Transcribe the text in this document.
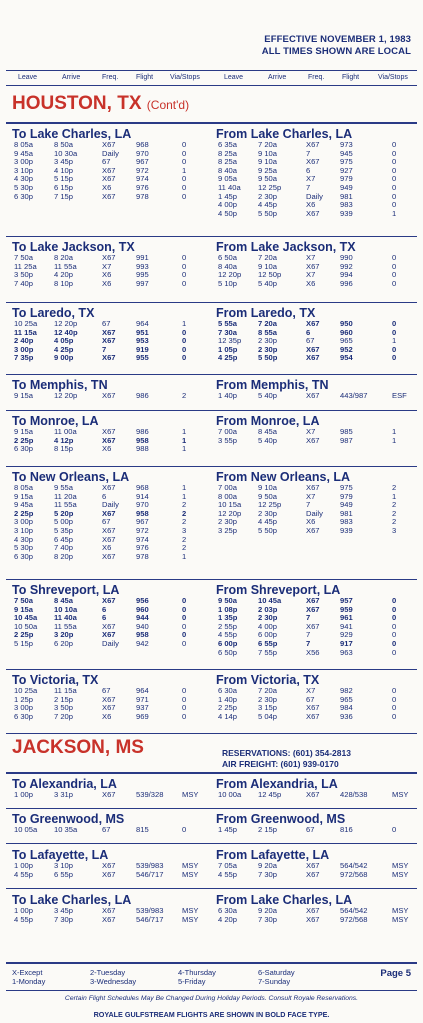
EFFECTIVE NOVEMBER 1, 1983
ALL TIMES SHOWN ARE LOCAL
Leave	Arrive	Freq.	Flight Via/Stops	Leave	Arrive	Freq.	Flight	Via/Stops
HOUSTON, TX (Cont'd)
JACKSON, MS	RESERVATIONS: (601) 354-2813
AIR FREIGHT: (601) 939-0170
To Lake Charles, LA
8 05a	8 50a	X67	968	0
9 45a	10 30a	Daily 970	0
3 00p	3 45p	67	967	0
3 10p	4 10p	X67	972	1
4 30p	5 15p	X67	974	0
5 30p	6 15p	X6	976	0
6 30p	7 15p	X67	978	0
From Lake Charles, LA
6 35a	7 20a	X67	973	0
8 25a	9 10a	7	945	0
8 25a	9 10a	X67	975	0
8 40a	9 25a	6	927	0
9 05a	9 50a	X7	979	0
11 40a 12 25p	7	949	0
1 45p	2 30p	Daily 981	0
4 00p	4 45p	X6	983	0
4 50p	5 50p	X67	939	1
To Lake Jackson, TX
7 50a	8 20a	X67	991	0
11 25a 11 55a	X7	993	0
3 50p	4 20p	X6	995	0
7 40p	8 10p	X6	997	0
From Lake Jackson, TX
6 50a	7 20a	X7	990	0
8 40a	9 10a	X67	992	0
12 20p 12 50p	X7	994	0
5 10p	5 40p	X6	996	0
To Laredo, TX
10 25a 12 20p	67	964	1
11 15a 12 40p	X67	951	0
2 40p	4 05p	X67	953	0
3 00p	4 25p	7	919	0
7 35p	9 00p	X67	955	0
From Laredo, TX
5 55a	7 20a	X67	950	0
7 30a	8 55a	6	960	0
12 35p 2 30p	67	965	1
1 05p	2 30p	X67	952	0
4 25p	5 50p	X67	954	0
To Memphis, TN
9 15a	12 20p	X67	986	2
From Memphis, TN
1 40p	5 40p	X67	443/987	ESF
To Monroe, LA
9 15a	11 00a	X67	986	1
2 25p	4 12p	X67	958	1
6 30p	8 15p	X6	988	1
From Monroe, LA
7 00a	8 45a	X7	985	1
3 55p	5 40p	X67	987	1
To New Orleans, LA
8 05a	9 55a	X67	968	1
9 15a	11 20a	6	914	1
9 45a	11 55a	Daily 970	2
2 25p	5 20p	X67	958	2
3 00p	5 00p	67	967	2
3 10p	5 35p	X67	972	3
4 30p	6 45p	X67	974	2
5 30p	7 40p	X6	976	2
6 30p	8 20p	X67	978	1
From New Orleans, LA
7 00a	9 10a	X67	975	2
8 00a	9 50a	X7	979	1
10 15a 12 25p	7	949	2
12 20p 2 30p	Daily 981	2
2 30p	4 45p	X6	983	2
3 25p	5 50p	X67	939	3
To Shreveport, LA
7 50a	8 45a	X67	956	0
9 15a	10 10a	6	960	0
10 45a 11 40a	6	944	0
10 50a 11 55a	X67	940	0
2 25p	3 20p	X67	958	0
5 15p	6 20p	Daily 942	0
From Shreveport, LA
9 50a	10 45a	X67	957	0
1 08p	2 03p	X67	959	0
1 35p	2 30p	7	961	0
2 55p	4 00p	X67	941	0
4 55p	6 00p	7	929	0
6 00p	6 55p	7	917	0
6 50p	7 55p	X56	963	0
To Victoria, TX
10 25a 11 15a	67	964	0
1 25p	2 15p	X67	971	0
3 00p	3 50p	X67	937	0
6 30p	7 20p	X6	969	0
From Victoria, TX
6 30a	7 20a	X7	982	0
1 40p	2 30p	67	965	0
2 25p	3 15p	X67	984	0
4 14p	5 04p	X67	936	0
To Alexandria, LA
1 00p	3 31p	X67	539/328 MSY
From Alexandria, LA
10 00a 12 45p	X67	428/538	MSY
To Greenwood, MS
10 05a 10 35a	67	815	0
From Greenwood, MS
1 45p	2 15p	67	816	0
To Lafayette, LA
1 00p	3 10p	X67	539/983 MSY
4 55p	6 55p	X67	546/717 MSY
From Lafayette, LA
7 05a	9 20a	X67	564/542	MSY
4 55p	7 30p	X67	972/568	MSY
To Lake Charles, LA
1 00p	3 45p	X67	539/983 MSY
4 55p	7 30p	X67	546/717 MSY
From Lake Charles, LA
6 30a	9 20a	X67	564/542	MSY
4 20p	7 30p	X67	972/568	MSY
X-Except
1-Monday
2-Tuesday
3-Wednesday
4-Thursday
5-Friday
6-Saturday
7-Sunday
Page 5
Certain Flight Schedules May Be Changed During Holiday Periods. Consult Royale Reservations.
ROYALE GULFSTREAM FLIGHTS ARE SHOWN IN BOLD FACE TYPE.
